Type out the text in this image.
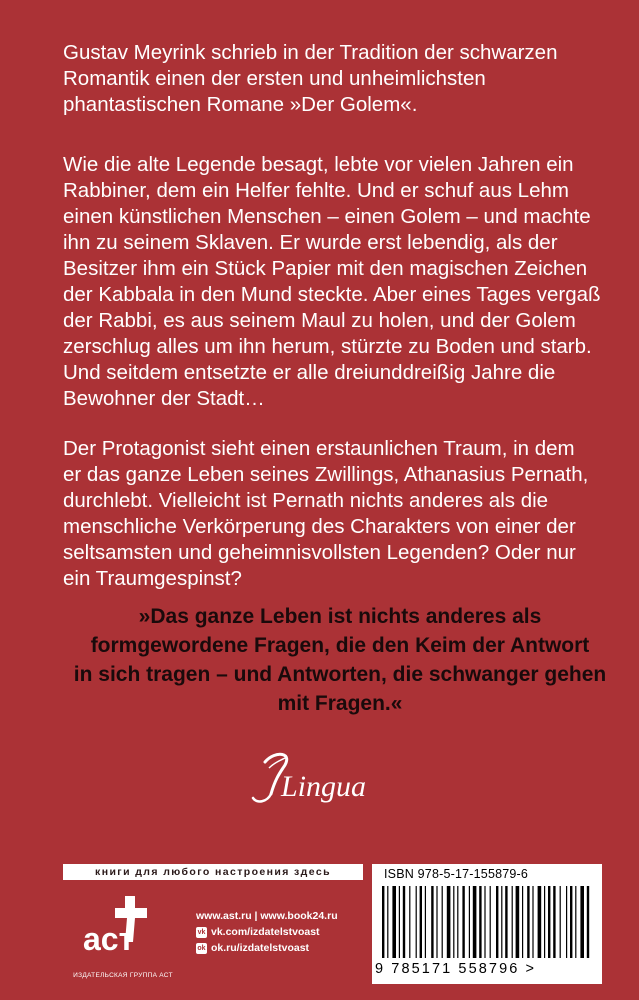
Gustav Meyrink schrieb in der Tradition der schwarzen
Romantik einen der ersten und unheimlichsten
phantastischen Romane »Der Golem«.
Wie die alte Legende besagt, lebte vor vielen Jahren ein
Rabbiner, dem ein Helfer fehlte. Und er schuf aus Lehm
einen künstlichen Menschen – einen Golem – und machte
ihn zu seinem Sklaven. Er wurde erst lebendig, als der
Besitzer ihm ein Stück Papier mit den magischen Zeichen
der Kabbala in den Mund steckte. Aber eines Tages vergaß
der Rabbi, es aus seinem Maul zu holen, und der Golem
zerschlug alles um ihn herum, stürzte zu Boden und starb.
Und seitdem entsetzte er alle dreiunddreißig Jahre die
Bewohner der Stadt…
Der Protagonist sieht einen erstaunlichen Traum, in dem
er das ganze Leben seines Zwillings, Athanasius Pernath,
durchlebt. Vielleicht ist Pernath nichts anderes als die
menschliche Verkörperung des Charakters von einer der
seltsamsten und geheimnisvollsten Legenden? Oder nur
ein Traumgespinst?
»Das ganze Leben ist nichts anderes als
formgewordene Fragen, die den Keim der Antwort
in sich tragen – und Antworten, die schwanger gehen
mit Fragen.«
Lingua
книги для любого настроения здесь
аст
ИЗДАТЕЛЬСКАЯ ГРУППА АСТ
www.ast.ru | www.book24.ru
vk vk.com/izdatelstvoast
ok ok.ru/izdatelstvoast
ISBN 978-5-17-155879-6
9 785171 558796 >
